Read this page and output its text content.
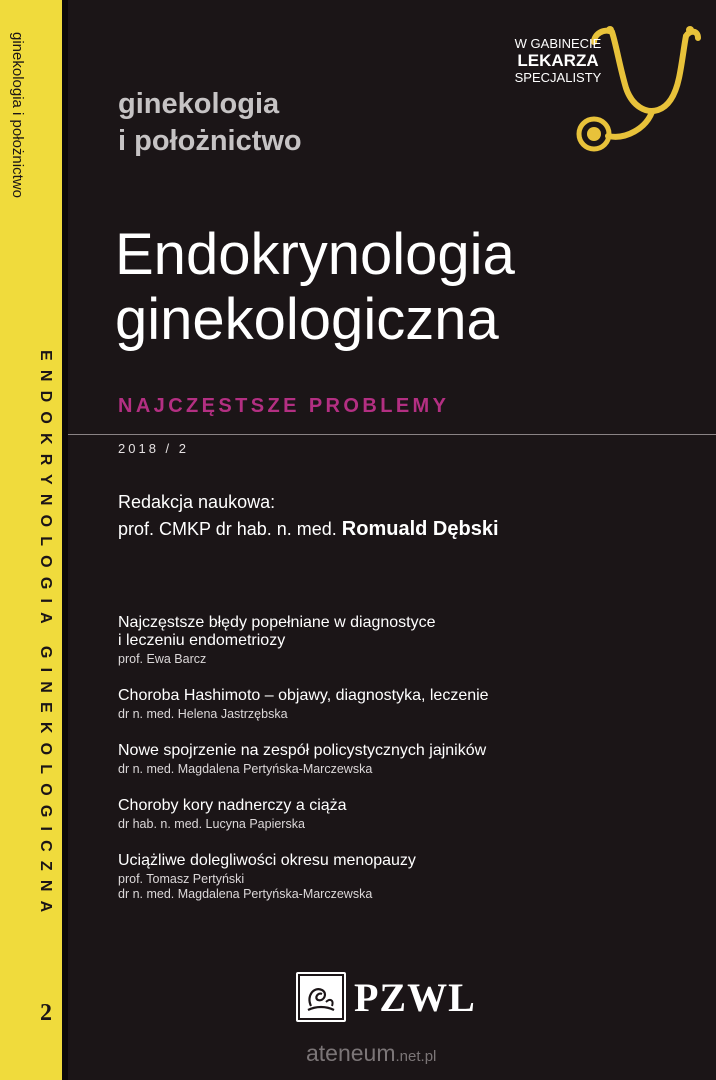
ginekologia i położnictwo
ENDOKRYNOLOGIA GINEKOLOGICZNA
2
W GABINECIE
LEKARZA
SPECJALISTY
ginekologia
i położnictwo
Endokrynologia
ginekologiczna
NAJCZĘSTSZE PROBLEMY
2018 / 2
Redakcja naukowa:
prof. CMKP dr hab. n. med. Romuald Dębski
Najczęstsze błędy popełniane w diagnostyce
i leczeniu endometriozy
prof. Ewa Barcz
Choroba Hashimoto – objawy, diagnostyka, leczenie
dr n. med. Helena Jastrzębska
Nowe spojrzenie na zespół policystycznych jajników
dr n. med. Magdalena Pertyńska-Marczewska
Choroby kory nadnerczy a ciąża
dr hab. n. med. Lucyna Papierska
Uciążliwe dolegliwości okresu menopauzy
prof. Tomasz Pertyński
dr n. med. Magdalena Pertyńska-Marczewska
PZWL
ateneum.net.pl
